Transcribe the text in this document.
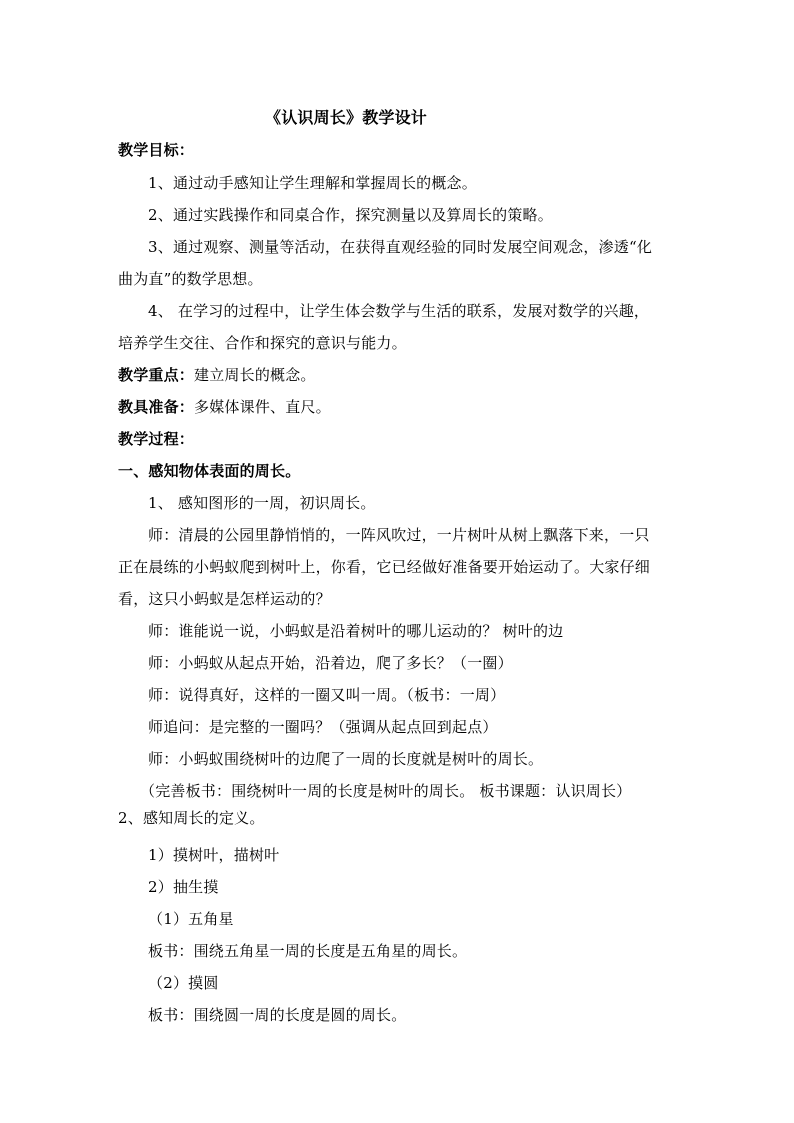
《认识周长》教学设计
教学目标：
1、通过动手感知让学生理解和掌握周长的概念。
2、通过实践操作和同桌合作，探究测量以及算周长的策略。
3、通过观察、测量等活动，在获得直观经验的同时发展空间观念，渗透“化
曲为直”的数学思想。
4、 在学习的过程中，让学生体会数学与生活的联系，发展对数学的兴趣，
培养学生交往、合作和探究的意识与能力。
教学重点：建立周长的概念。
教具准备：多媒体课件、直尺。
教学过程：
一、感知物体表面的周长。
1、 感知图形的一周，初识周长。
师：清晨的公园里静悄悄的，一阵风吹过，一片树叶从树上飘落下来，一只
正在晨练的小蚂蚁爬到树叶上，你看，它已经做好准备要开始运动了。大家仔细
看，这只小蚂蚁是怎样运动的？
师：谁能说一说，小蚂蚁是沿着树叶的哪儿运动的？ 树叶的边
师：小蚂蚁从起点开始，沿着边，爬了多长？（一圈）
师：说得真好，这样的一圈又叫一周。（板书：一周）
师追问：是完整的一圈吗？（强调从起点回到起点）
师：小蚂蚁围绕树叶的边爬了一周的长度就是树叶的周长。
（完善板书：围绕树叶一周的长度是树叶的周长。 板书课题：认识周长）
2、感知周长的定义。
1）摸树叶，描树叶
2）抽生摸
（1）五角星
板书：围绕五角星一周的长度是五角星的周长。
（2）摸圆
板书：围绕圆一周的长度是圆的周长。
